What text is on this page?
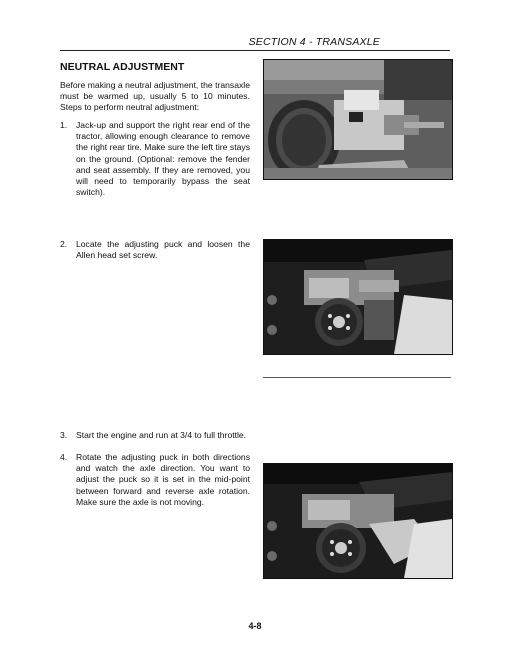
SECTION 4 - TRANSAXLE
NEUTRAL ADJUSTMENT

Before making a neutral adjustment, the transaxle must be warmed up, usually 5 to 10 minutes. Steps to perform neutral adjustment:

1.	Jack-up and support the right rear end of the tractor, allowing enough clearance to remove the right rear tire. Make sure the left tire stays on the ground. (Optional: remove the fender and seat assembly. If they are removed, you will need to temporarily bypass the seat switch).
2.	Locate the adjusting puck and loosen the Allen head set screw.
3.	Start the engine and run at 3/4 to full throttle.
4.	Rotate the adjusting puck in both directions and watch the axle direction. You want to adjust the puck so it is set in the mid-point between forward and reverse axle rotation. Make sure the axle is not moving.
4-8
